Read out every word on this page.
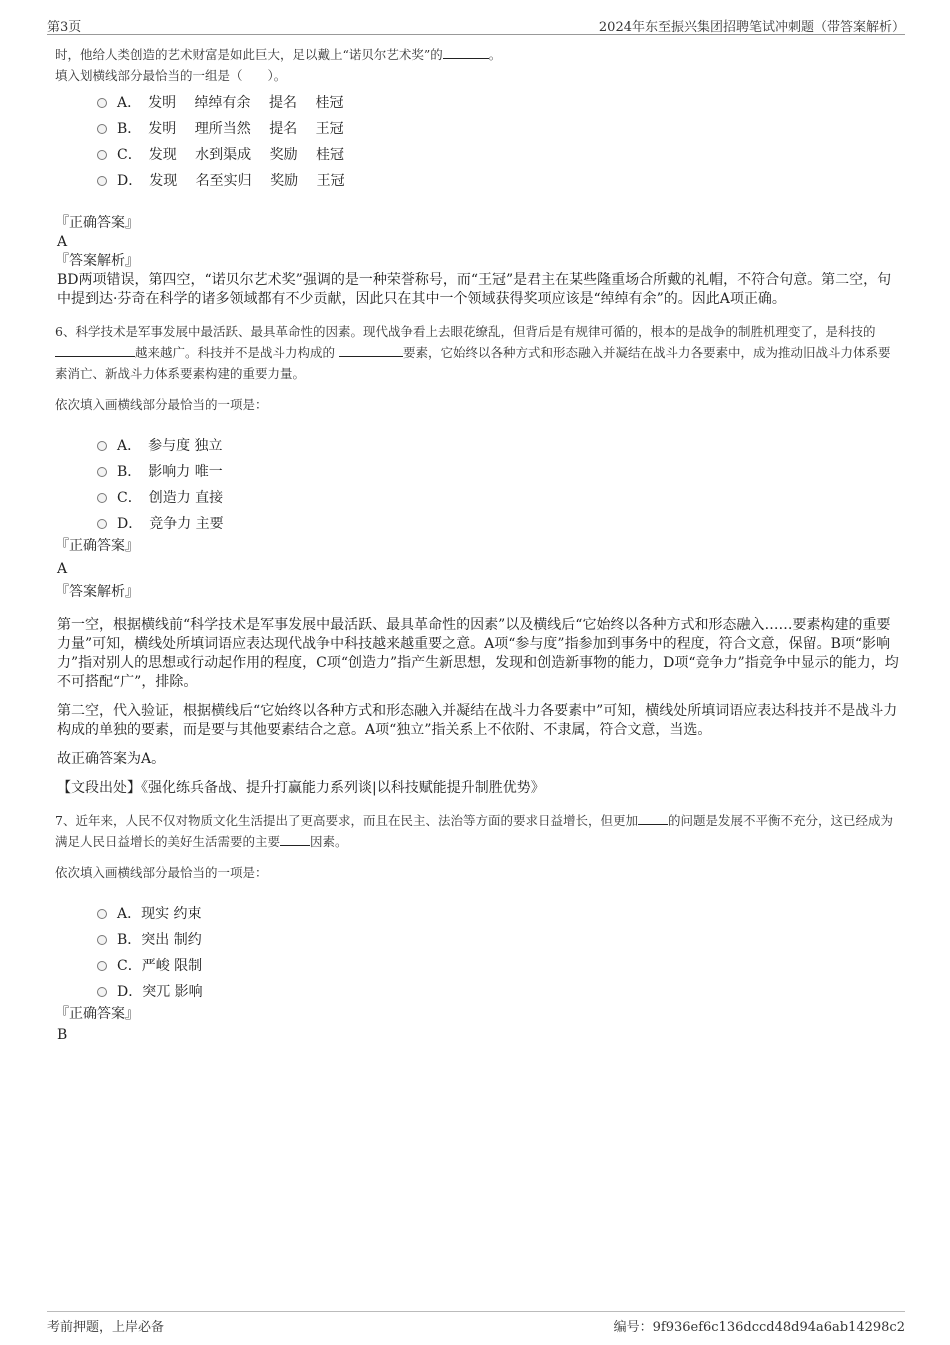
第3页	2024年东至振兴集团招聘笔试冲刺题（带答案解析）

时，他给人类创造的艺术财富是如此巨大，足以戴上“诺贝尔艺术奖”的	。

填入划横线部分最恰当的一组是（　　）。

A．　发明　 绰绰有余　 提名　 桂冠
B．　发明　 理所当然　 提名　 王冠
C．　发现　 水到渠成　 奖励　 桂冠
D．　发现　 名至实归　 奖励　 王冠

『正确答案』

A

『答案解析』

BD两项错误，第四空，“诺贝尔艺术奖”强调的是一种荣誉称号，而“王冠”是君主在某些隆重场合所戴的礼帽，不符合句意。第二空，句中提到达·芬奇在科学的诸多领域都有不少贡献，因此只在其中一个领域获得奖项应该是“绰绰有余”的。因此A项正确。

6、科学技术是军事发展中最活跃、最具革命性的因素。现代战争看上去眼花缭乱，但背后是有规律可循的，根本的是战争的制胜机理变了，是科技的越来越广。科技并不是战斗力构成的	要素，它始终以各种方式和形态融入并凝结在战斗力各要素中，成为推动旧战斗力体系要素消亡、新战斗力体系要素构建的重要力量。

依次填入画横线部分最恰当的一项是：

A．　参与度 独立
B．　影响力 唯一
C．　创造力 直接
D．　竞争力 主要

『正确答案』

A

『答案解析』

第一空，根据横线前“科学技术是军事发展中最活跃、最具革命性的因素”以及横线后“它始终以各种方式和形态融入……要素构建的重要力量”可知，横线处所填词语应表达现代战争中科技越来越重要之意。A项“参与度”指参加到事务中的程度，符合文意，保留。B项“影响力”指对别人的思想或行动起作用的程度，C项“创造力”指产生新思想，发现和创造新事物的能力，D项“竞争力”指竞争中显示的能力，均不可搭配“广”，排除。

第二空，代入验证，根据横线后“它始终以各种方式和形态融入并凝结在战斗力各要素中”可知，横线处所填词语应表达科技并不是战斗力构成的单独的要素，而是要与其他要素结合之意。A项“独立”指关系上不依附、不隶属，符合文意，当选。

故正确答案为A。

【文段出处】《强化练兵备战、提升打赢能力系列谈|以科技赋能提升制胜优势》

7、近年来，人民不仅对物质文化生活提出了更高要求，而且在民主、法治等方面的要求日益增长，但更加 的问题是发展不平衡不充分，这已经成为满足人民日益增长的美好生活需要的主要 因素。

依次填入画横线部分最恰当的一项是：

A．现实 约束
B．突出 制约
C．严峻 限制
D．突兀 影响

『正确答案』

B

考前押题，上岸必备	编号：9f936ef6c136dccd48d94a6ab14298c2
